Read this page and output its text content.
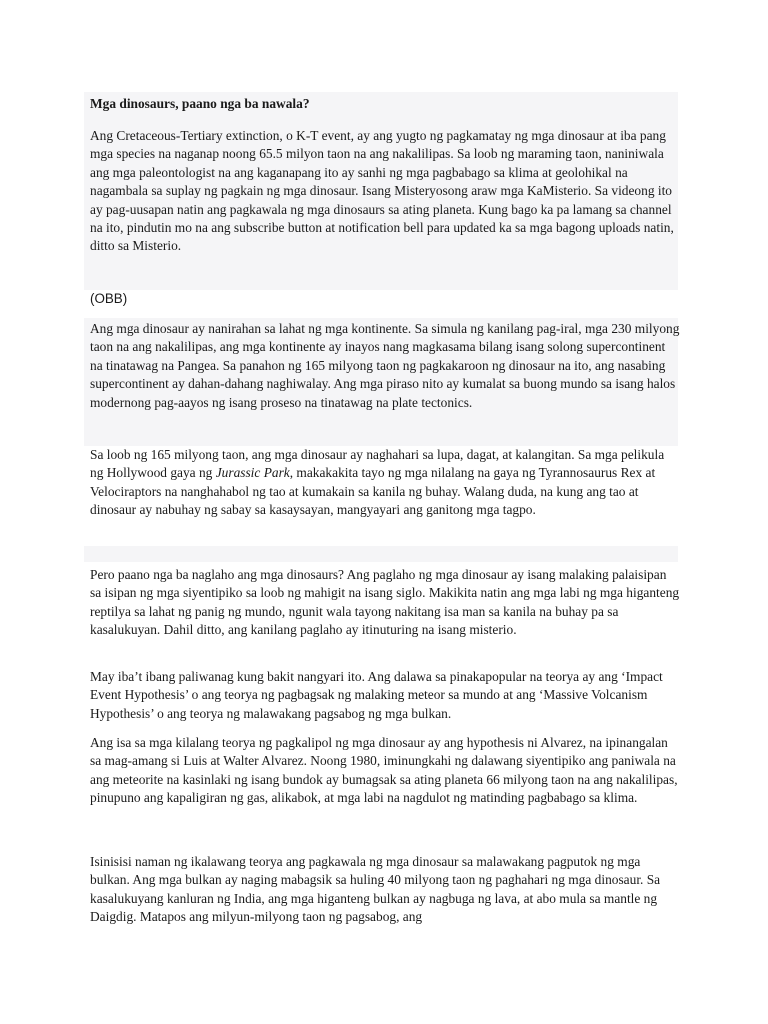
Mga dinosaurs, paano nga ba nawala?

Ang Cretaceous-Tertiary extinction, o K-T event, ay ang yugto ng pagkamatay ng mga dinosaur at iba pang mga species na naganap noong 65.5 milyon taon na ang nakalilipas. Sa loob ng maraming taon, naniniwala ang mga paleontologist na ang kaganapang ito ay sanhi ng mga pagbabago sa klima at geolohikal na nagambala sa suplay ng pagkain ng mga dinosaur. Isang Misteryosong araw mga KaMisterio. Sa videong ito ay pag-uusapan natin ang pagkawala ng mga dinosaurs sa ating planeta. Kung bago ka pa lamang sa channel na ito, pindutin mo na ang subscribe button at notification bell para updated ka sa mga bagong uploads natin, ditto sa Misterio.

(OBB)

Ang mga dinosaur ay nanirahan sa lahat ng mga kontinente. Sa simula ng kanilang pag-iral, mga 230 milyong taon na ang nakalilipas, ang mga kontinente ay inayos nang magkasama bilang isang solong supercontinent na tinatawag na Pangea. Sa panahon ng 165 milyong taon ng pagkakaroon ng dinosaur na ito, ang nasabing supercontinent ay dahan-dahang naghiwalay. Ang mga piraso nito ay kumalat sa buong mundo sa isang halos modernong pag-aayos ng isang proseso na tinatawag na plate tectonics.

Sa loob ng 165 milyong taon, ang mga dinosaur ay naghahari sa lupa, dagat, at kalangitan. Sa mga pelikula ng Hollywood gaya ng Jurassic Park, makakakita tayo ng mga nilalang na gaya ng Tyrannosaurus Rex at Velociraptors na nanghahabol ng tao at kumakain sa kanila ng buhay. Walang duda, na kung ang tao at dinosaur ay nabuhay ng sabay sa kasaysayan, mangyayari ang ganitong mga tagpo.

Pero paano nga ba naglaho ang mga dinosaurs? Ang paglaho ng mga dinosaur ay isang malaking palaisipan sa isipan ng mga siyentipiko sa loob ng mahigit na isang siglo. Makikita natin ang mga labi ng mga higanteng reptilya sa lahat ng panig ng mundo, ngunit wala tayong nakitang isa man sa kanila na buhay pa sa kasalukuyan. Dahil ditto, ang kanilang paglaho ay itinuturing na isang misterio.

May iba’t ibang paliwanag kung bakit nangyari ito. Ang dalawa sa pinakapopular na teorya ay ang ‘Impact Event Hypothesis’ o ang teorya ng pagbagsak ng malaking meteor sa mundo at ang ‘Massive Volcanism Hypothesis’ o ang teorya ng malawakang pagsabog ng mga bulkan.

Ang isa sa mga kilalang teorya ng pagkalipol ng mga dinosaur ay ang hypothesis ni Alvarez, na ipinangalan sa mag-amang si Luis at Walter Alvarez. Noong 1980, iminungkahi ng dalawang siyentipiko ang paniwala na ang meteorite na kasinlaki ng isang bundok ay bumagsak sa ating planeta 66 milyong taon na ang nakalilipas, pinupuno ang kapaligiran ng gas, alikabok, at mga labi na nagdulot ng matinding pagbabago sa klima.

Isinisisi naman ng ikalawang teorya ang pagkawala ng mga dinosaur sa malawakang pagputok ng mga bulkan. Ang mga bulkan ay naging mabagsik sa huling 40 milyong taon ng paghahari ng mga dinosaur. Sa kasalukuyang kanluran ng India, ang mga higanteng bulkan ay nagbuga ng lava, at abo mula sa mantle ng Daigdig. Matapos ang milyun-milyong taon ng pagsabog, ang
